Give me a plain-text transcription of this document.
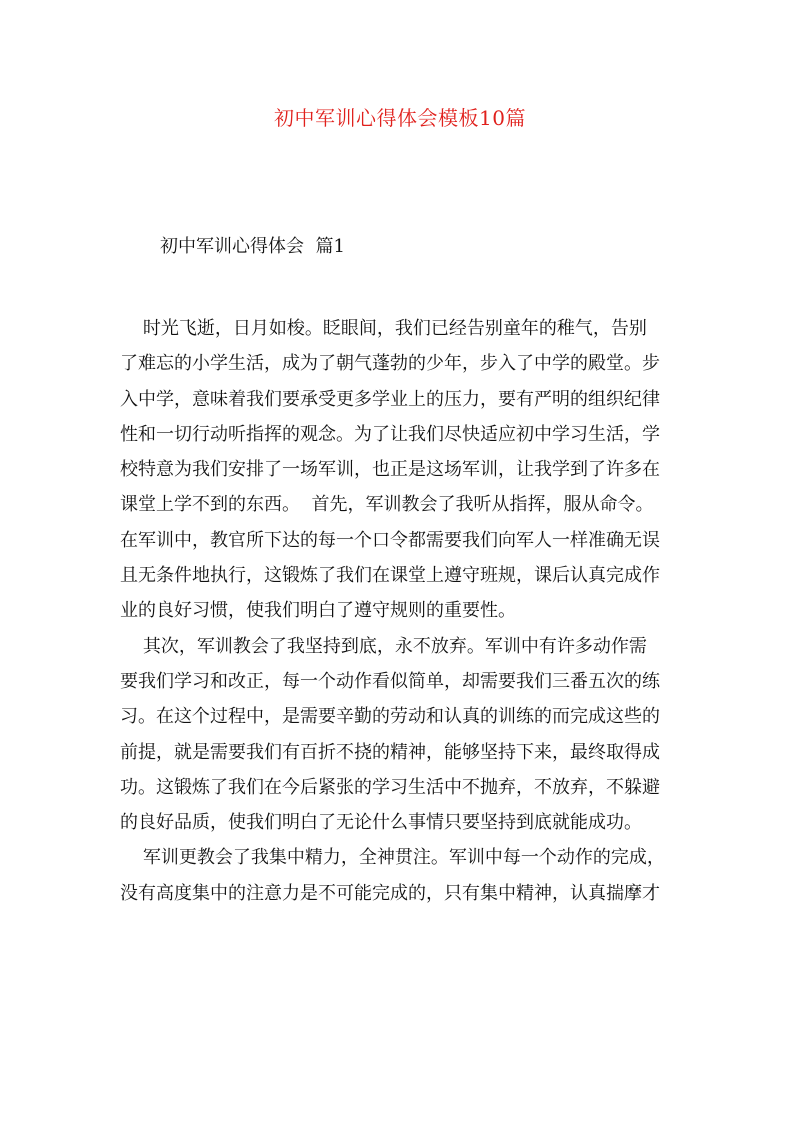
初中军训心得体会模板10篇
初中军训心得体会  篇1
时光飞逝，日月如梭。眨眼间，我们已经告别童年的稚气，告别
了难忘的小学生活，成为了朝气蓬勃的少年，步入了中学的殿堂。步
入中学，意味着我们要承受更多学业上的压力，要有严明的组织纪律
性和一切行动听指挥的观念。为了让我们尽快适应初中学习生活，学
校特意为我们安排了一场军训，也正是这场军训，让我学到了许多在
课堂上学不到的东西。  首先，军训教会了我听从指挥，服从命令。
在军训中，教官所下达的每一个口令都需要我们向军人一样准确无误
且无条件地执行，这锻炼了我们在课堂上遵守班规，课后认真完成作
业的良好习惯，使我们明白了遵守规则的重要性。
其次，军训教会了我坚持到底，永不放弃。军训中有许多动作需
要我们学习和改正，每一个动作看似简单，却需要我们三番五次的练
习。在这个过程中，是需要辛勤的劳动和认真的训练的而完成这些的
前提，就是需要我们有百折不挠的精神，能够坚持下来，最终取得成
功。这锻炼了我们在今后紧张的学习生活中不抛弃，不放弃，不躲避
的良好品质，使我们明白了无论什么事情只要坚持到底就能成功。
军训更教会了我集中精力，全神贯注。军训中每一个动作的完成，
没有高度集中的注意力是不可能完成的，只有集中精神，认真揣摩才
